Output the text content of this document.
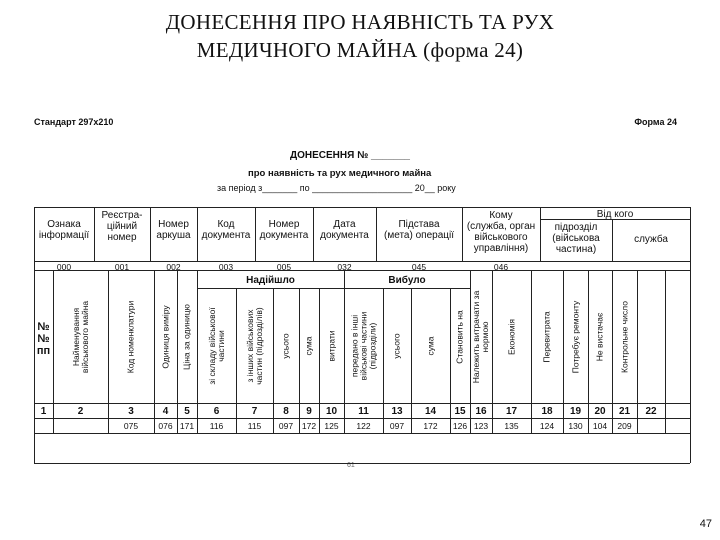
ДОНЕСЕННЯ ПРО НАЯВНІСТЬ ТА РУХ
МЕДИЧНОГО МАЙНА (форма 24)
Стандарт 297х210	Форма 24
ДОНЕСЕННЯ № _______
про наявність та рух медичного майна
за період з_______ по ____________________ 20__ року
61
Ознака
інформації
000
Реєстра-
ційний
номер
001
Номер
аркуша
002
Код
документа
003
Номер
документа
005
Дата
документа
032
Підстава
(мета) операції
045
Кому
(служба, орган
військового
управління)
046
Від кого
підрозділ
(військова
частина)
служба
Надійшло	Вибуло
№
№
пп
1
Найменування
військового майна
2
Код номенклатури
3
075
Одиниця виміру
4
076
Ціна за одиницю
5
171
зі складу військової
частини
6
116
з інших військових
частин (підрозділів)
7
115
усього
8
097
сума
9
172
витрати
10
125
передано в інші
військові частини
(підрозділи)
11
122
усього
13
097
сума
14
172
Становить на
15
126
Належить витрачати за
нормою
16
123
Економія
17
135
Перевитрата
18
124
Потребує ремонту
19
130
Не вистачає
20
104
Контрольне число
21
209
22
47
